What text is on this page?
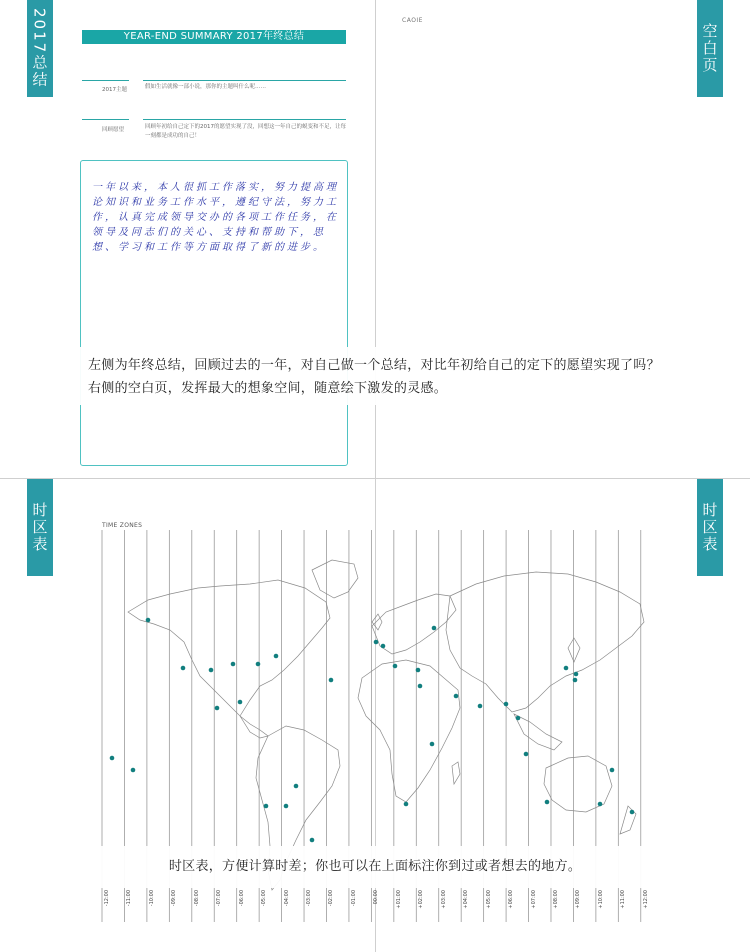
2017总结	空白页
YEAR-END SUMMARY 2017年终总结
2017主题	假如生活就像一部小说，那你的主题叫什么呢……
回顾愿望	回顾年初给自己定下的2017的愿望实现了没，回想这一年自己的蜕变和不足，让每一刻都是成功的自己！
一年以来，本人很抓工作落实，努力提高理论知识和业务工作水平，遵纪守法，努力工作，认真完成领导交办的各项工作任务，在领导及同志们的关心、支持和帮助下，思想、学习和工作等方面取得了新的进步。
CAOIE
左侧为年终总结，回顾过去的一年，对自己做一个总结，对比年初给自己的定下的愿望实现了吗？
右侧的空白页，发挥最大的想象空间，随意绘下激发的灵感。
时区表	时区表
TIME ZONES
-12:00	-11:00	-10:00	-09:00	-08:00	-07:00	-06:00	-05:00	-04:00	-03:00	-02:00	-01:00	00:00	+01:00	+02:00	+03:00	+04:00	+05:00	+06:00	+07:00	+08:00	+09:00	+10:00	+11:00	+12:00
时区表，方便计算时差；你也可以在上面标注你到过或者想去的地方。
